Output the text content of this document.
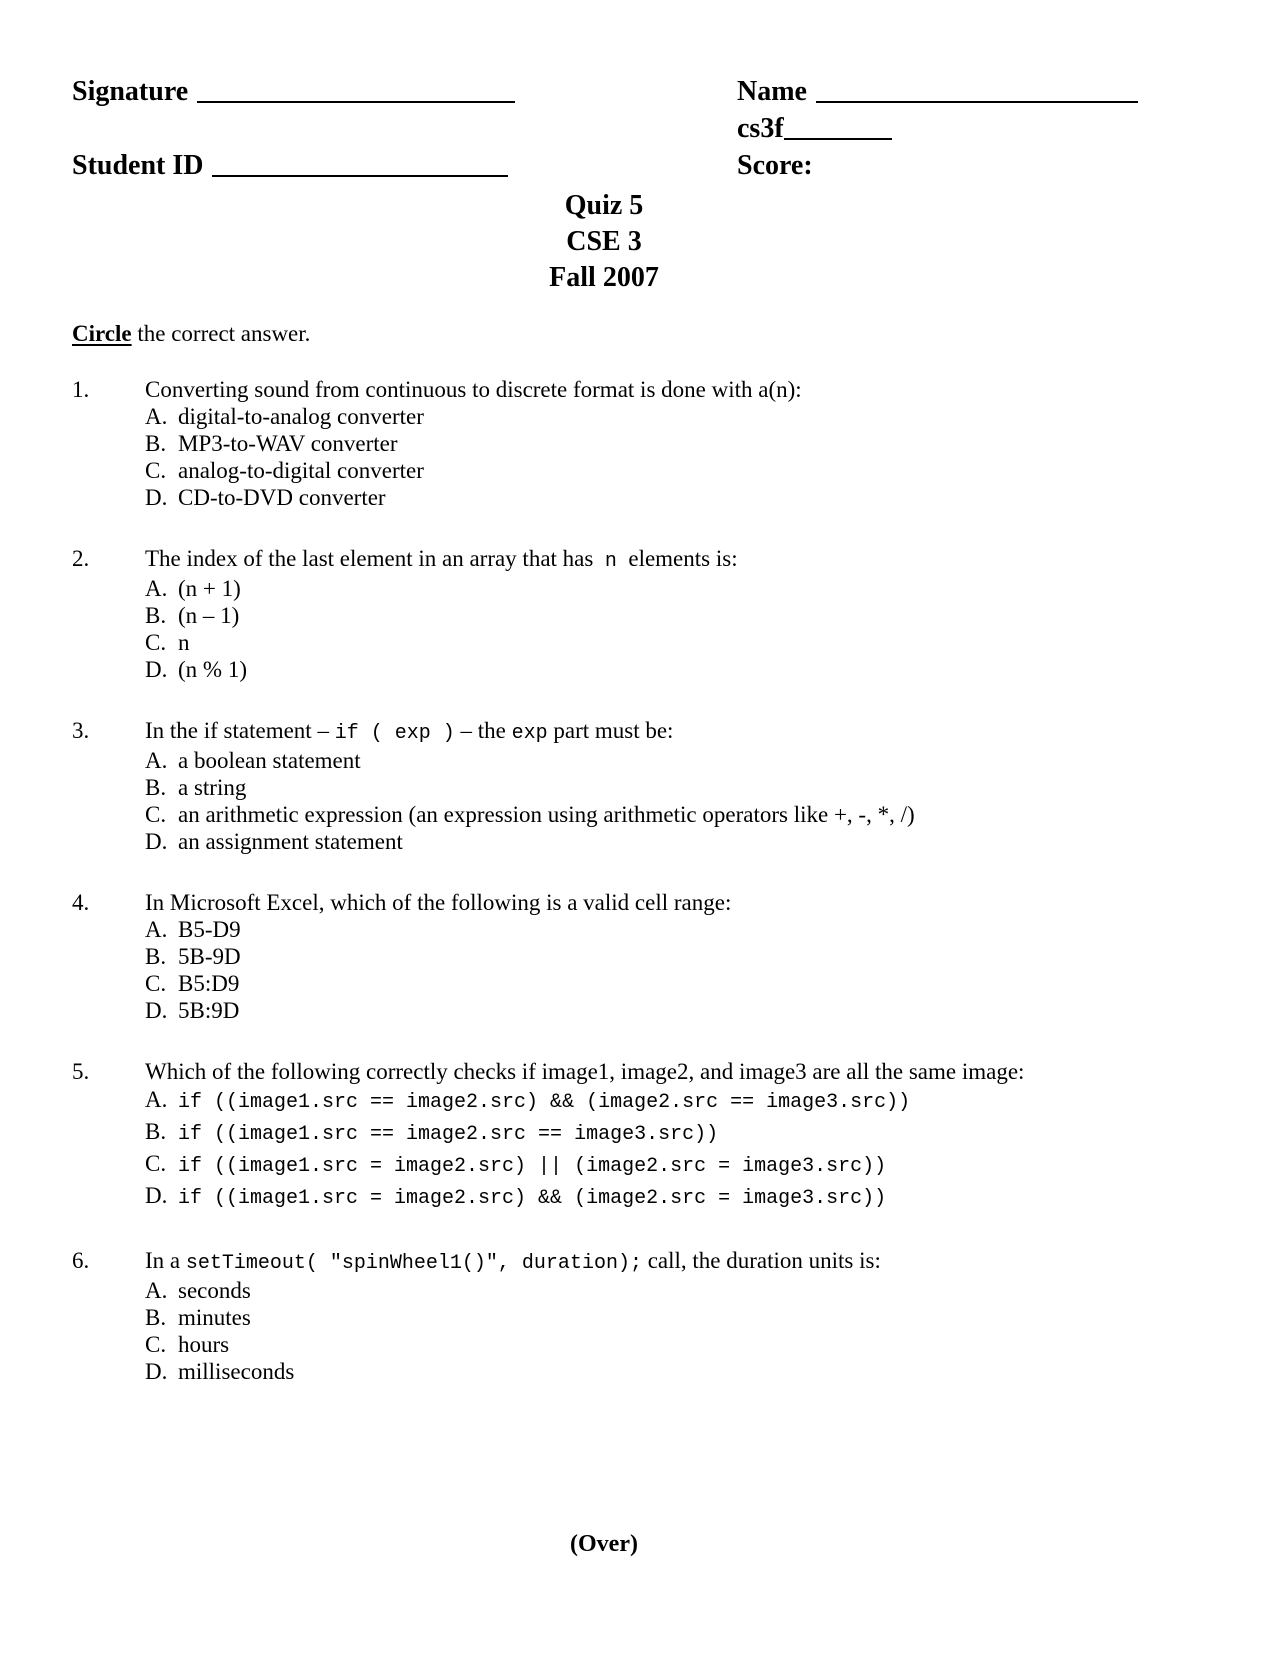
Signature	Name
cs3f
Student ID	Score:
Quiz 5
CSE 3
Fall 2007
Circle the correct answer.
1.	Converting sound from continuous to discrete format is done with a(n):
A. digital-to-analog converter
B. MP3-to-WAV converter
C. analog-to-digital converter
D. CD-to-DVD converter
2.	The index of the last element in an array that has  n  elements is:
A. (n + 1)
B. (n – 1)
C. n
D. (n % 1)
3.	In the if statement – if ( exp ) – the exp part must be:
A. a boolean statement
B. a string
C. an arithmetic expression (an expression using arithmetic operators like +, -, *, /)
D. an assignment statement
4.	In Microsoft Excel, which of the following is a valid cell range:
A. B5-D9
B. 5B-9D
C. B5:D9
D. 5B:9D
5.	Which of the following correctly checks if image1, image2, and image3 are all the same image:
A. if ((image1.src == image2.src) && (image2.src == image3.src))
B. if ((image1.src == image2.src == image3.src))
C. if ((image1.src = image2.src) || (image2.src = image3.src))
D. if ((image1.src = image2.src) && (image2.src = image3.src))
6.	In a setTimeout( "spinWheel1()", duration); call, the duration units is:
A. seconds
B. minutes
C. hours
D. milliseconds
(Over)
